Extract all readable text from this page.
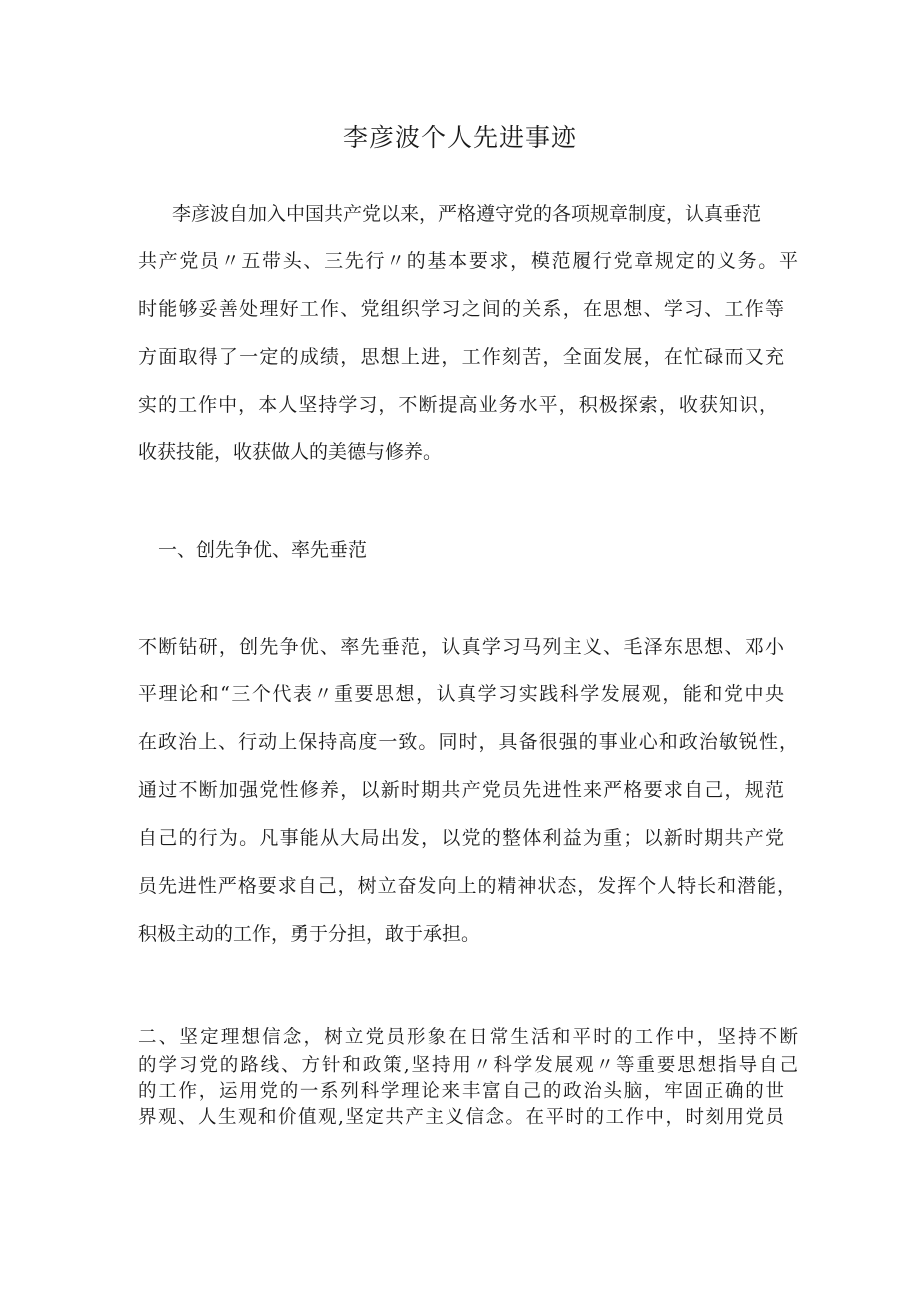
李彦波个人先进事迹
李彦波自加入中国共产党以来，严格遵守党的各项规章制度，认真垂范
共产党员〃五带头、三先行〃的基本要求，模范履行党章规定的义务。平
时能够妥善处理好工作、党组织学习之间的关系，在思想、学习、工作等
方面取得了一定的成绩，思想上进，工作刻苦，全面发展，在忙碌而又充
实的工作中，本人坚持学习，不断提高业务水平，积极探索，收获知识，
收获技能，收获做人的美德与修养。
一、创先争优、率先垂范
不断钻研，创先争优、率先垂范，认真学习马列主义、毛泽东思想、邓小
平理论和“三个代表〃重要思想，认真学习实践科学发展观，能和党中央
在政治上、行动上保持高度一致。同时，具备很强的事业心和政治敏锐性，
通过不断加强党性修养，以新时期共产党员先进性来严格要求自己，规范
自己的行为。凡事能从大局出发，以党的整体利益为重；以新时期共产党
员先进性严格要求自己，树立奋发向上的精神状态，发挥个人特长和潜能，
积极主动的工作，勇于分担，敢于承担。
二、坚定理想信念，树立党员形象在日常生活和平时的工作中，坚持不断
的学习党的路线、方针和政策,坚持用〃科学发展观〃等重要思想指导自己
的工作，运用党的一系列科学理论来丰富自己的政治头脑，牢固正确的世
界观、人生观和价值观,坚定共产主义信念。在平时的工作中，时刻用党员
